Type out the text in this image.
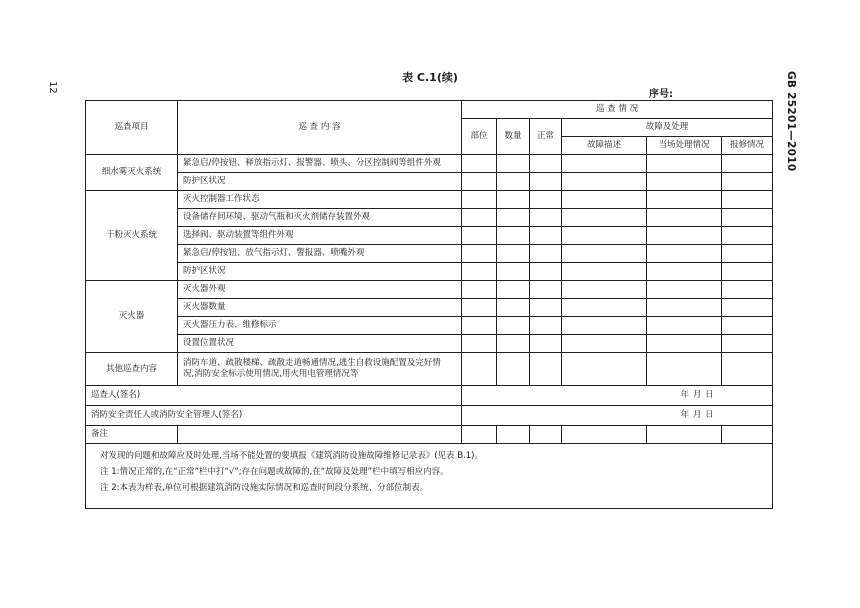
12	GB 25201—2010
表 C.1(续)
序号:
巡查项目	巡 查 内 容	巡 查 情 况					
		部位	数量	正常	故障及处理		
					故障描述	当场处理情况	报修情况
细水雾灭火系统	紧急启/停按钮、释放指示灯、报警器、喷头、分区控制阀等组件外观						
	防护区状况						
干粉灭火系统	灭火控制器工作状态						
	设备储存间环境、驱动气瓶和灭火剂储存装置外观						
	选择阀、驱动装置等组件外观						
	紧急启/停按钮、放气指示灯、警报器、喷嘴外观						
	防护区状况						
灭火器	灭火器外观						
	灭火器数量						
	灭火器压力表、维修标示						
	设置位置状况						
其他巡查内容	消防车道、疏散楼梯、疏散走道畅通情况,逃生自救设施配置及完好情
况,消防安全标示使用情况,用火用电管理情况等						

巡查人(签名)		年 月 日					
消防安全责任人或消防安全管理人(签名)		年 月 日					
备注							

对发现的问题和故障应及时处理,当场不能处置的要填报《建筑消防设施故障维修记录表》(见表 B.1)。
注 1:情况正常的,在“正常”栏中打“√”;存在问题或故障的,在“故障及处理”栏中填写相应内容。
注 2:本表为样表,单位可根据建筑消防设施实际情况和巡查时间段分系统、分部位制表。							
